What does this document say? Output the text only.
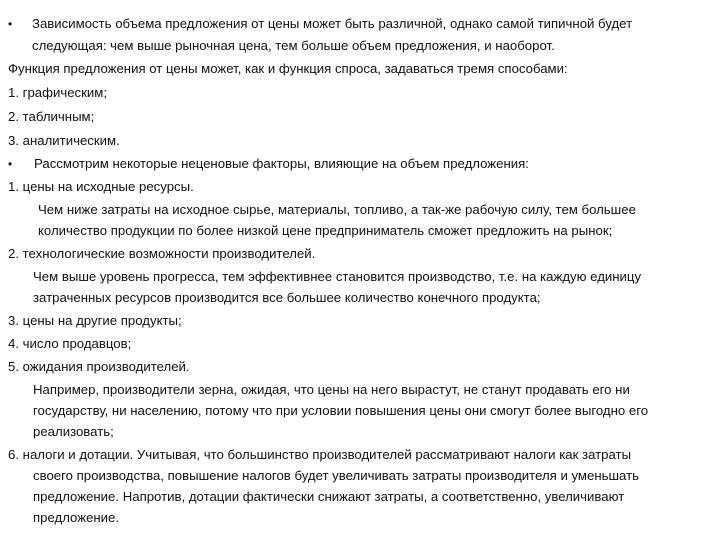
• Зависимость объема предложения от цены может быть различной, однако самой типичной будет
следующая: чем выше рыночная цена, тем больше объем предложения, и наоборот.
Функция предложения от цены может, как и функция спроса, задаваться тремя способами:
1. графическим;
2. табличным;
3. аналитическим.
• Рассмотрим некоторые неценовые факторы, влияющие на объем предложения:
1. цены на исходные ресурсы.
Чем ниже затраты на исходное сырье, материалы, топливо, а так-же рабочую силу, тем большее
количество продукции по более низкой цене предприниматель сможет предложить на рынок;
2. технологические возможности производителей.
Чем выше уровень прогресса, тем эффективнее становится производство, т.е. на каждую единицу
затраченных ресурсов производится все большее количество конечного продукта;
3. цены на другие продукты;
4. число продавцов;
5. ожидания производителей.
Например, производители зерна, ожидая, что цены на него вырастут, не станут продавать его ни
государству, ни населению, потому что при условии повышения цены они смогут более выгодно его
реализовать;
6. налоги и дотации. Учитывая, что большинство производителей рассматривают налоги как затраты
своего производства, повышение налогов будет увеличивать затраты производителя и уменьшать
предложение. Напротив, дотации фактически снижают затраты, а соответственно, увеличивают
предложение.
